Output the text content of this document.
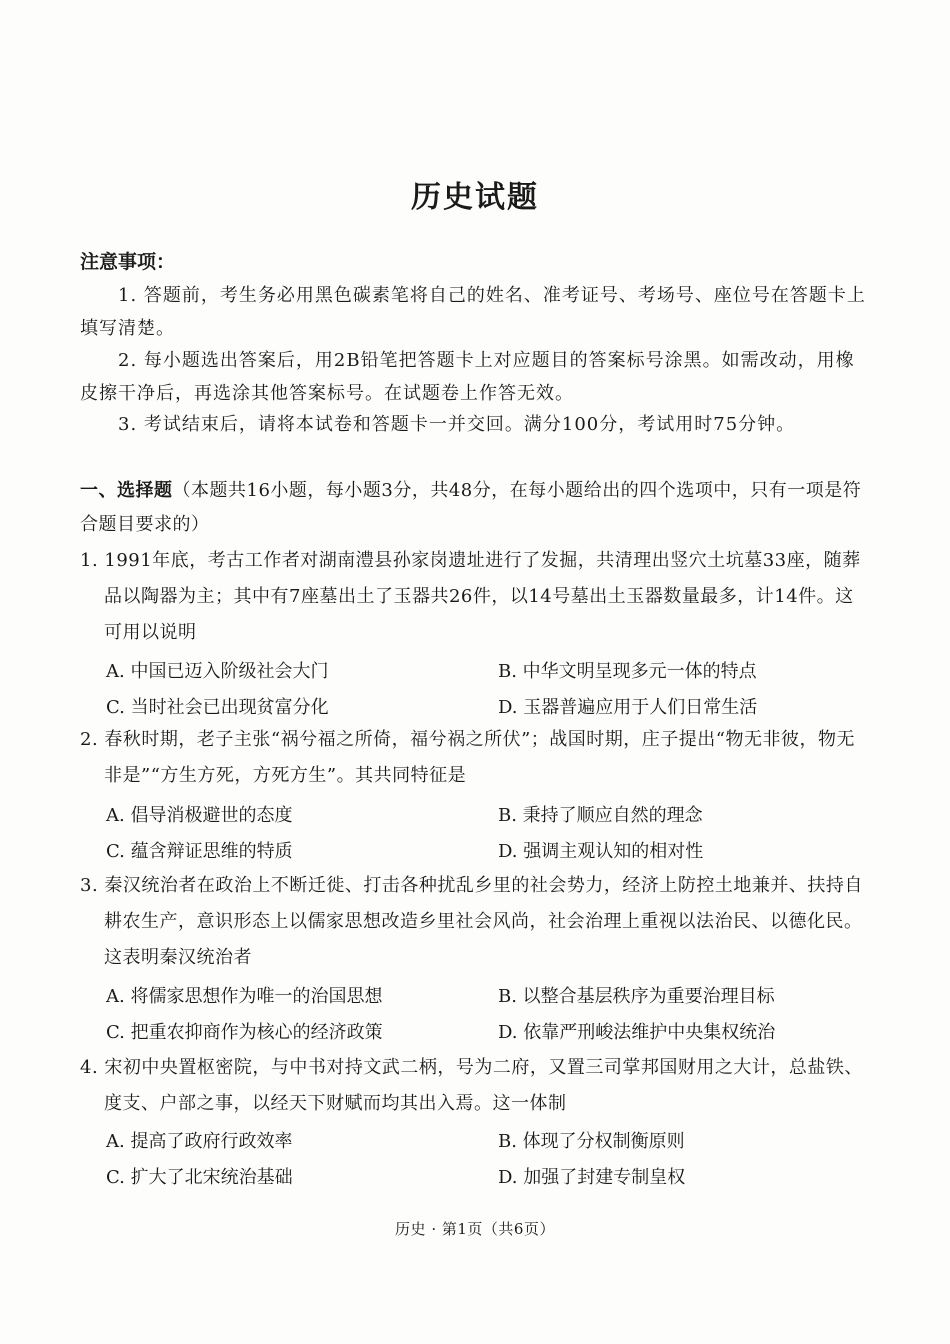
历史试题
注意事项：

1. 答题前，考生务必用黑色碳素笔将自己的姓名、准考证号、考场号、座位号在答题卡上填写清楚。

2. 每小题选出答案后，用2B铅笔把答题卡上对应题目的答案标号涂黑。如需改动，用橡皮擦干净后，再选涂其他答案标号。在试题卷上作答无效。

3. 考试结束后，请将本试卷和答题卡一并交回。满分100分，考试用时75分钟。

一、选择题（本题共16小题，每小题3分，共48分，在每小题给出的四个选项中，只有一项是符合题目要求的）
1. 1991年底，考古工作者对湖南澧县孙家岗遗址进行了发掘，共清理出竖穴土坑墓33座，随葬品以陶器为主；其中有7座墓出土了玉器共26件，以14号墓出土玉器数量最多，计14件。这可用以说明
A. 中国已迈入阶级社会大门	B. 中华文明呈现多元一体的特点
C. 当时社会已出现贫富分化	D. 玉器普遍应用于人们日常生活
2. 春秋时期，老子主张“祸兮福之所倚，福兮祸之所伏”；战国时期，庄子提出“物无非彼，物无非是”“方生方死，方死方生”。其共同特征是
A. 倡导消极避世的态度	B. 秉持了顺应自然的理念
C. 蕴含辩证思维的特质	D. 强调主观认知的相对性
3. 秦汉统治者在政治上不断迁徙、打击各种扰乱乡里的社会势力，经济上防控土地兼并、扶持自耕农生产，意识形态上以儒家思想改造乡里社会风尚，社会治理上重视以法治民、以德化民。这表明秦汉统治者
A. 将儒家思想作为唯一的治国思想	B. 以整合基层秩序为重要治理目标
C. 把重农抑商作为核心的经济政策	D. 依靠严刑峻法维护中央集权统治
4. 宋初中央置枢密院，与中书对持文武二柄，号为二府，又置三司掌邦国财用之大计，总盐铁、度支、户部之事，以经天下财赋而均其出入焉。这一体制
A. 提高了政府行政效率	B. 体现了分权制衡原则
C. 扩大了北宋统治基础	D. 加强了封建专制皇权
历史 · 第1页（共6页）
